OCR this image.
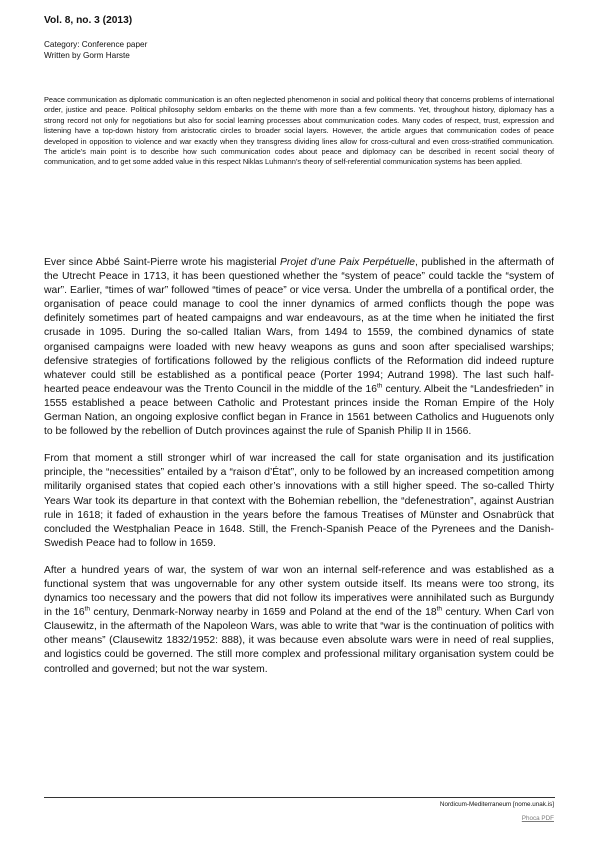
Vol. 8, no. 3 (2013)
Category: Conference paper
Written by Gorm Harste

Peace communication as diplomatic communication is an often neglected phenomenon in social and political theory that concerns problems of international order, justice and peace. Political philosophy seldom embarks on the theme with more than a few comments. Yet, throughout history, diplomacy has a strong record not only for negotiations but also for social learning processes about communication codes. Many codes of respect, trust, expression and listening have a top-down history from aristocratic circles to broader social layers. However, the article argues that communication codes of peace developed in opposition to violence and war exactly when they transgress dividing lines allow for cross-cultural and even cross-stratified communication. The article’s main point is to describe how such communication codes about peace and diplomacy can be described in recent social theory of communication, and to get some added value in this respect Niklas Luhmann’s theory of self-referential communication systems has been applied.

Ever since Abbé Saint-Pierre wrote his magisterial Projet d’une Paix Perpétuelle, published in the aftermath of the Utrecht Peace in 1713, it has been questioned whether the “system of peace” could tackle the “system of war”. Earlier, “times of war” followed “times of peace” or vice versa. Under the umbrella of a pontifical order, the organisation of peace could manage to cool the inner dynamics of armed conflicts though the pope was definitely sometimes part of heated campaigns and war endeavours, as at the time when he initiated the first crusade in 1095. During the so-called Italian Wars, from 1494 to 1559, the combined dynamics of state organised campaigns were loaded with new heavy weapons as guns and soon after specialised warships; defensive strategies of fortifications followed by the religious conflicts of the Reformation did indeed rupture whatever could still be established as a pontifical peace (Porter 1994; Autrand 1998). The last such half-hearted peace endeavour was the Trento Council in the middle of the 16th century. Albeit the “Landesfrieden” in 1555 established a peace between Catholic and Protestant princes inside the Roman Empire of the Holy German Nation, an ongoing explosive conflict began in France in 1561 between Catholics and Huguenots only to be followed by the rebellion of Dutch provinces against the rule of Spanish Philip II in 1566.

From that moment a still stronger whirl of war increased the call for state organisation and its justification principle, the “necessities” entailed by a “raison d’État”, only to be followed by an increased competition among militarily organised states that copied each other’s innovations with a still higher speed. The so-called Thirty Years War took its departure in that context with the Bohemian rebellion, the “defenestration”, against Austrian rule in 1618; it faded of exhaustion in the years before the famous Treatises of Münster and Osnabrück that concluded the Westphalian Peace in 1648. Still, the French-Spanish Peace of the Pyrenees and the Danish-Swedish Peace had to follow in 1659.

After a hundred years of war, the system of war won an internal self-reference and was established as a functional system that was ungovernable for any other system outside itself. Its means were too strong, its dynamics too necessary and the powers that did not follow its imperatives were annihilated such as Burgundy in the 16th century, Denmark-Norway nearby in 1659 and Poland at the end of the 18th century. When Carl von Clausewitz, in the aftermath of the Napoleon Wars, was able to write that “war is the continuation of politics with other means” (Clausewitz 1832/1952: 888), it was because even absolute wars were in need of real supplies, and logistics could be governed. The still more complex and professional military organisation system could be controlled and governed; but not the war system.

Nordicum-Mediterraneum [nome.unak.is]
Phoca PDF
